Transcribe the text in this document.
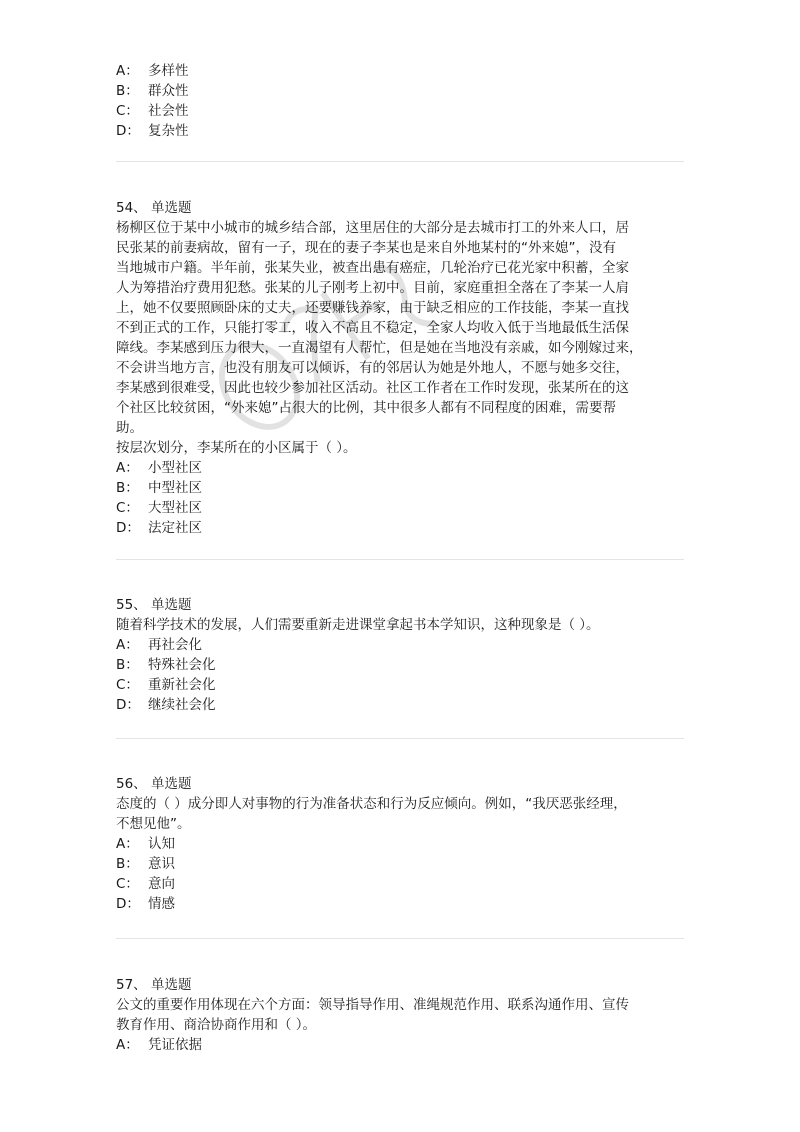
A： 多样性
B： 群众性
C： 社会性
D： 复杂性
54、 单选题
杨柳区位于某中小城市的城乡结合部，这里居住的大部分是去城市打工的外来人口，居
民张某的前妻病故，留有一子，现在的妻子李某也是来自外地某村的“外来媳”，没有
当地城市户籍。半年前，张某失业，被查出患有癌症，几轮治疗已花光家中积蓄，全家
人为筹措治疗费用犯愁。张某的儿子刚考上初中。目前，家庭重担全落在了李某一人肩
上，她不仅要照顾卧床的丈夫，还要赚钱养家，由于缺乏相应的工作技能，李某一直找
不到正式的工作，只能打零工，收入不高且不稳定，全家人均收入低于当地最低生活保
障线。李某感到压力很大，一直渴望有人帮忙，但是她在当地没有亲戚，如今刚嫁过来，
不会讲当地方言，也没有朋友可以倾诉，有的邻居认为她是外地人，不愿与她多交往，
李某感到很难受，因此也较少参加社区活动。社区工作者在工作时发现，张某所在的这
个社区比较贫困，“外来媳”占很大的比例，其中很多人都有不同程度的困难，需要帮
助。
按层次划分，李某所在的小区属于（ ）。
A： 小型社区
B： 中型社区
C： 大型社区
D： 法定社区
55、 单选题
随着科学技术的发展，人们需要重新走进课堂拿起书本学知识，这种现象是（ ）。
A： 再社会化
B： 特殊社会化
C： 重新社会化
D： 继续社会化
56、 单选题
态度的（ ）成分即人对事物的行为准备状态和行为反应倾向。例如，“我厌恶张经理，
不想见他”。
A： 认知
B： 意识
C： 意向
D： 情感
57、 单选题
公文的重要作用体现在六个方面：领导指导作用、准绳规范作用、联系沟通作用、宣传
教育作用、商洽协商作用和（ ）。
A： 凭证依据
